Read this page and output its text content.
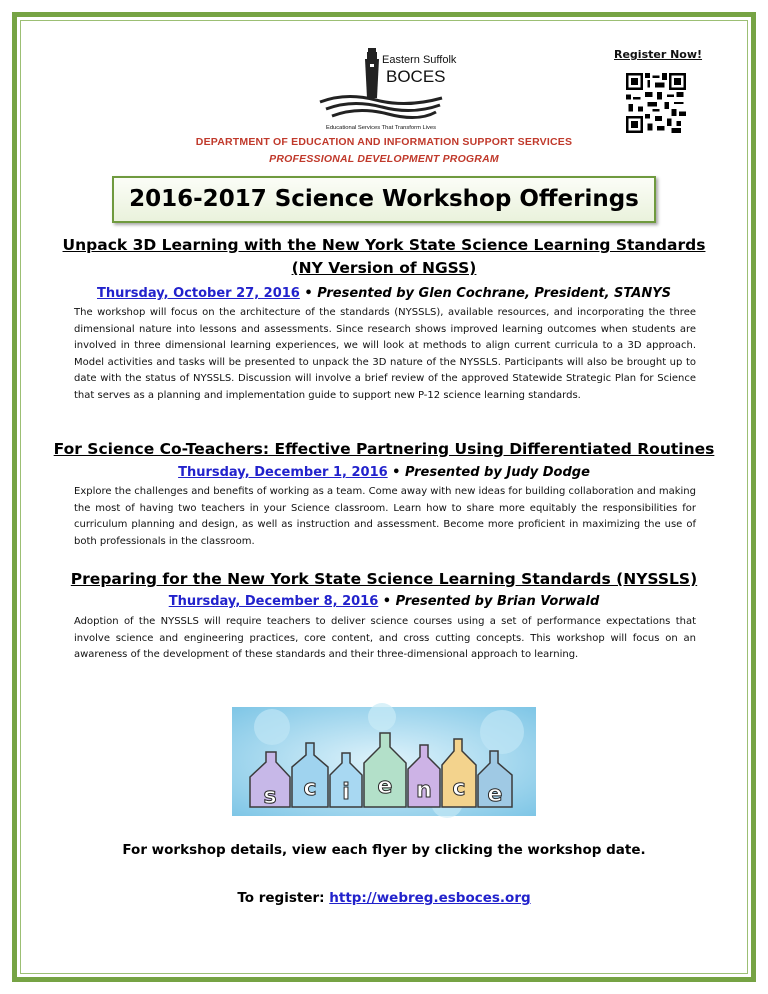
Eastern Suffolk
BOCES
Educational Services That Transform Lives
Register Now!
DEPARTMENT OF EDUCATION AND INFORMATION SUPPORT SERVICES
PROFESSIONAL DEVELOPMENT PROGRAM
2016-2017 Science Workshop Offerings
Unpack 3D Learning with the New York State Science Learning Standards
(NY Version of NGSS)
Thursday, October 27, 2016 • Presented by Glen Cochrane, President, STANYS
The workshop will focus on the architecture of the standards (NYSSLS), available resources, and incorporating the three dimensional nature into lessons and assessments. Since research shows improved learning outcomes when students are involved in three dimensional learning experiences, we will look at methods to align current curricula to a 3D approach. Model activities and tasks will be presented to unpack the 3D nature of the NYSSLS. Participants will also be brought up to date with the status of NYSSLS. Discussion will involve a brief review of the approved Statewide Strategic Plan for Science that serves as a planning and implementation guide to support new P-12 science learning standards.
For Science Co-Teachers: Effective Partnering Using Differentiated Routines
Thursday, December 1, 2016 • Presented by Judy Dodge
Explore the challenges and benefits of working as a team. Come away with new ideas for building collaboration and making the most of having two teachers in your Science classroom. Learn how to share more equitably the responsibilities for curriculum planning and design, as well as instruction and assessment. Become more proficient in maximizing the use of both professionals in the classroom.
Preparing for the New York State Science Learning Standards (NYSSLS)
Thursday, December 8, 2016 • Presented by Brian Vorwald
Adoption of the NYSSLS will require teachers to deliver science courses using a set of performance expectations that involve science and engineering practices, core content, and cross cutting concepts. This workshop will focus on an awareness of the development of these standards and their three-dimensional approach to learning.
s c i e n c e
For workshop details, view each flyer by clicking the workshop date.
To register: http://webreg.esboces.org
